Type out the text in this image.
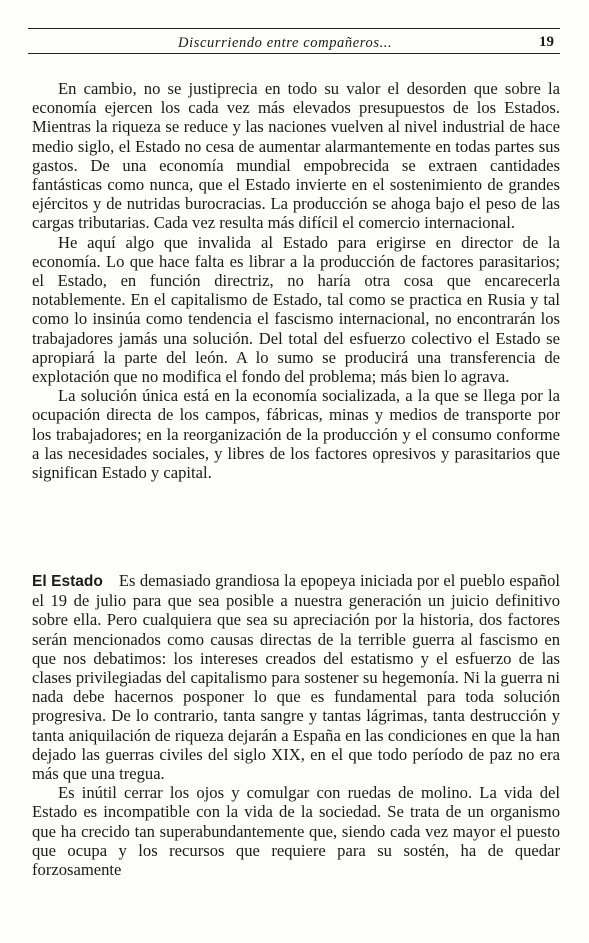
Discurriendo entre compañeros...	19

En cambio, no se justiprecia en todo su valor el desorden que sobre la economía ejercen los cada vez más elevados presupuestos de los Estados. Mientras la riqueza se reduce y las naciones vuelven al nivel industrial de hace medio siglo, el Estado no cesa de aumentar alarmantemente en todas partes sus gastos. De una economía mundial empobrecida se extraen cantidades fantásticas como nunca, que el Estado invierte en el sostenimiento de grandes ejércitos y de nutridas burocracias. La producción se ahoga bajo el peso de las cargas tributarias. Cada vez resulta más difícil el comercio internacional.

He aquí algo que invalida al Estado para erigirse en director de la economía. Lo que hace falta es librar a la producción de factores parasitarios; el Estado, en función directriz, no haría otra cosa que encarecerla notablemente. En el capitalismo de Estado, tal como se practica en Rusia y tal como lo insinúa como tendencia el fascismo internacional, no encontrarán los trabajadores jamás una solución. Del total del esfuerzo colectivo el Estado se apropiará la parte del león. A lo sumo se producirá una transferencia de explotación que no modifica el fondo del problema; más bien lo agrava.

La solución única está en la economía socializada, a la que se llega por la ocupación directa de los campos, fábricas, minas y medios de transporte por los trabajadores; en la reorganización de la producción y el consumo conforme a las necesidades sociales, y libres de los factores opresivos y parasitarios que significan Estado y capital.

El Estado Es demasiado grandiosa la epopeya iniciada por el pueblo español el 19 de julio para que sea posible a nuestra generación un juicio definitivo sobre ella. Pero cualquiera que sea su apreciación por la historia, dos factores serán mencionados como causas directas de la terrible guerra al fascismo en que nos debatimos: los intereses creados del estatismo y el esfuerzo de las clases privilegiadas del capitalismo para sostener su hegemonía. Ni la guerra ni nada debe hacernos posponer lo que es fundamental para toda solución progresiva. De lo contrario, tanta sangre y tantas lágrimas, tanta destrucción y tanta aniquilación de riqueza dejarán a España en las condiciones en que la han dejado las guerras civiles del siglo XIX, en el que todo período de paz no era más que una tregua.

Es inútil cerrar los ojos y comulgar con ruedas de molino. La vida del Estado es incompatible con la vida de la sociedad. Se trata de un organismo que ha crecido tan superabundantemente que, siendo cada vez mayor el puesto que ocupa y los recursos que requiere para su sostén, ha de quedar forzosamente
